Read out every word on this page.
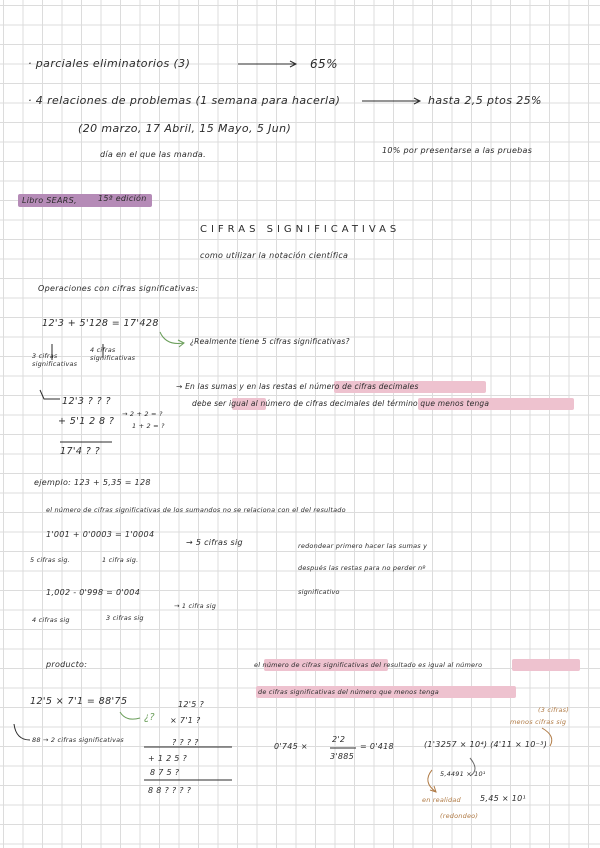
· parciales eliminatorios (3)	65%
· 4 relaciones de problemas (1 semana para hacerla)	hasta 2,5 ptos 25%
(20 marzo, 17 Abril, 15 Mayo, 5 Jun)
día en el que las manda.	10% por presentarse a las pruebas
Libro SEARS,	15ª edición
CIFRAS SIGNIFICATIVAS
como utilizar la notación científica
Operaciones con cifras significativas:
12'3 + 5'128 = 17'428
¿Realmente tiene 5 cifras significativas?
3 cifras significativas
4 cifras significativas
→ En las sumas y en las restas el número de cifras decimales
debe ser igual al número de cifras decimales del término que menos tenga
12'3 ? ? ?
+ 5'1 2 8 ?
17'4 ? ?
→ 2 + 2 = ?
1 + 2 = ?
ejemplo: 123 + 5,35 = 128
el número de cifras significativas de los sumandos no se relaciona con el del resultado
1'001 + 0'0003 = 1'0004
→ 5 cifras sig
5 cifras sig.	1 cifra sig.
redondear primero hacer las sumas y
después las restas para no perder nº
significativo
1,002 - 0'998 = 0'004
→ 1 cifra sig
4 cifras sig	3 cifras sig
producto:	el número de cifras significativas del resultado es igual al número
de cifras significativas del número que menos tenga
12'5 × 7'1 = 88'75
¿?
88 → 2 cifras significativas
12'5 ?
× 7'1 ?
? ? ? ?
+ 1 2 5 ?
8 7 5 ?
8 8 ? ? ? ?
0'745 ×
2'2
3'885
= 0'418	(1'3257 × 10⁴) (4'11 × 10⁻³)
(3 cifras)
menos cifras sig
5,4491 × 10¹
en realidad
(redondeo)
5,45 × 10¹
